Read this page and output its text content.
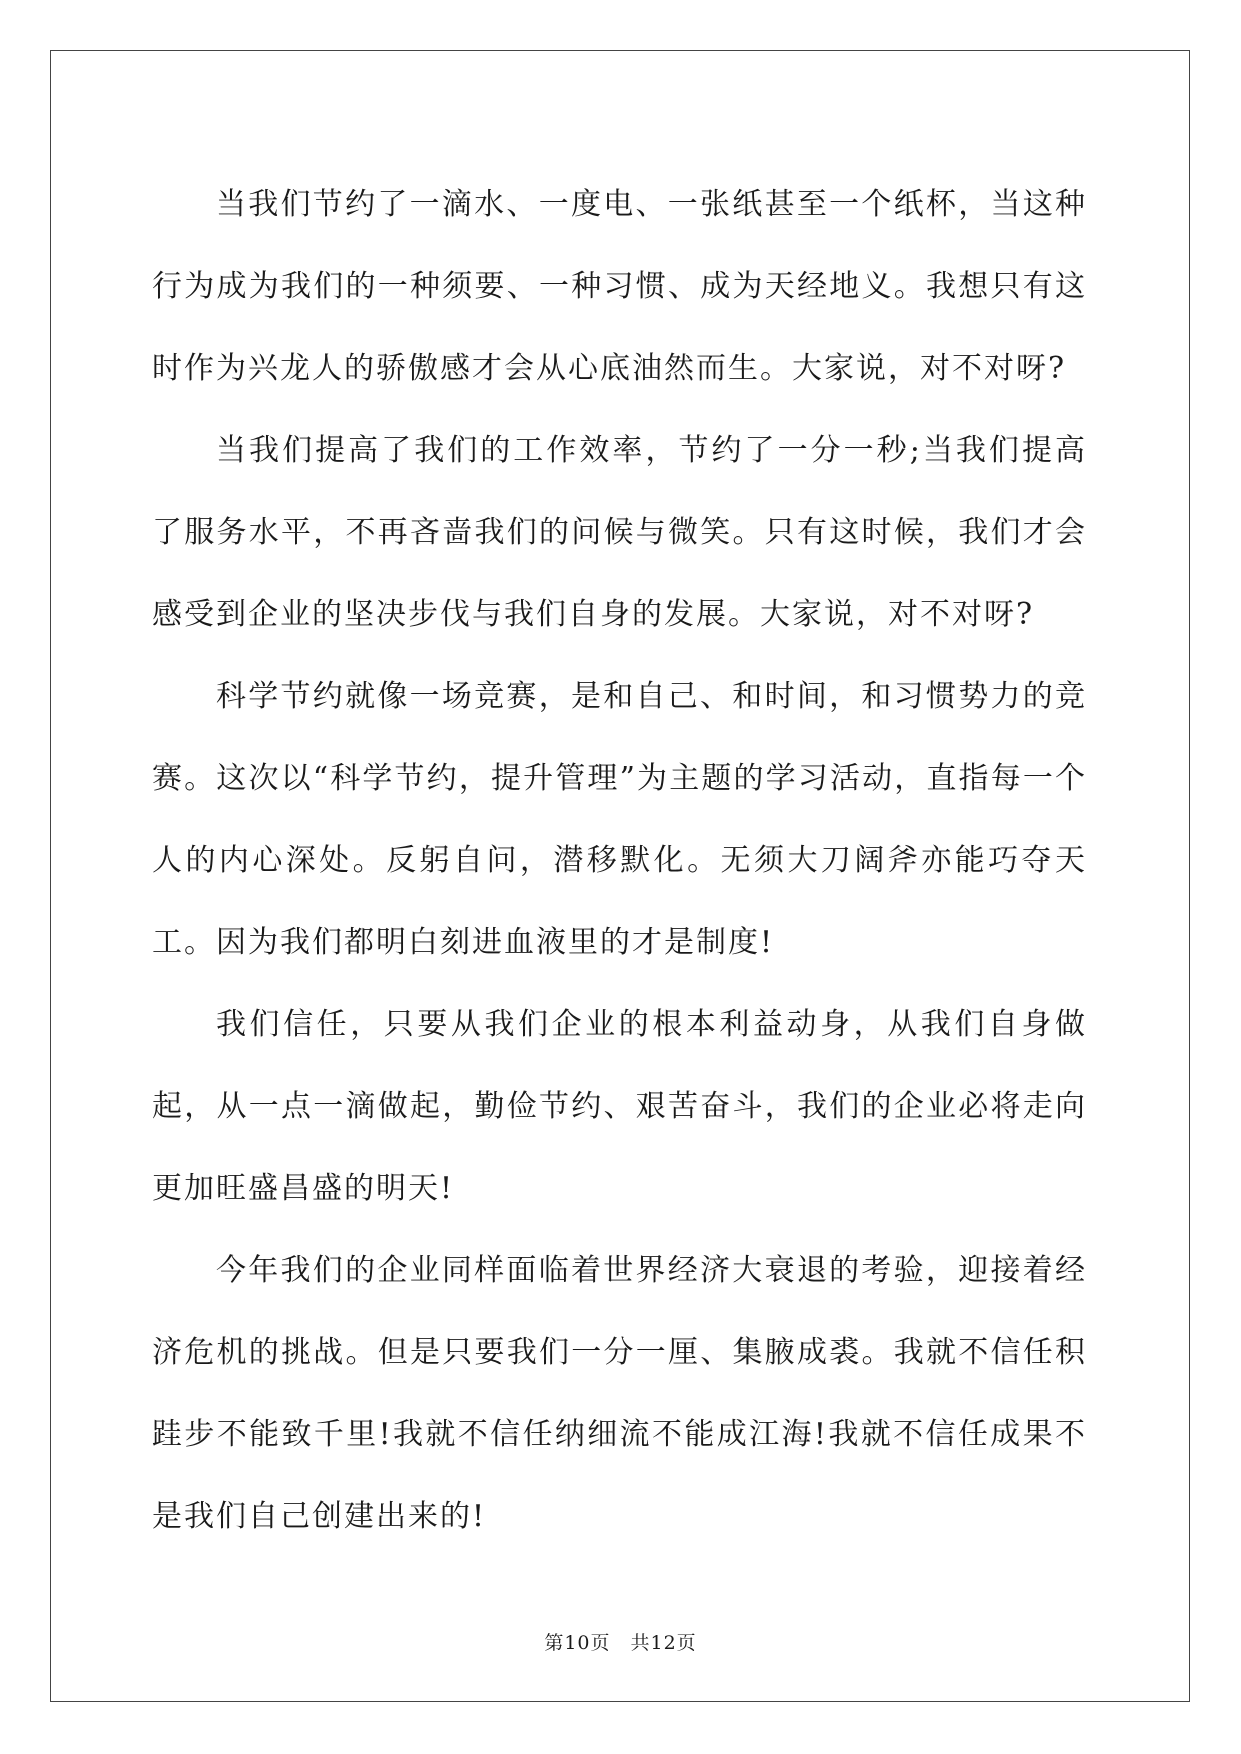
当我们节约了一滴水、一度电、一张纸甚至一个纸杯，当这种行为成为我们的一种须要、一种习惯、成为天经地义。我想只有这时作为兴龙人的骄傲感才会从心底油然而生。大家说，对不对呀?

当我们提高了我们的工作效率，节约了一分一秒;当我们提高了服务水平，不再吝啬我们的问候与微笑。只有这时候，我们才会感受到企业的坚决步伐与我们自身的发展。大家说，对不对呀?

科学节约就像一场竞赛，是和自己、和时间，和习惯势力的竞赛。这次以“科学节约，提升管理”为主题的学习活动，直指每一个人的内心深处。反躬自问，潜移默化。无须大刀阔斧亦能巧夺天工。因为我们都明白刻进血液里的才是制度!

我们信任，只要从我们企业的根本利益动身，从我们自身做起，从一点一滴做起，勤俭节约、艰苦奋斗，我们的企业必将走向更加旺盛昌盛的明天!

今年我们的企业同样面临着世界经济大衰退的考验，迎接着经济危机的挑战。但是只要我们一分一厘、集腋成裘。我就不信任积跬步不能致千里!我就不信任纳细流不能成江海!我就不信任成果不是我们自己创建出来的!

第10页　共12页
